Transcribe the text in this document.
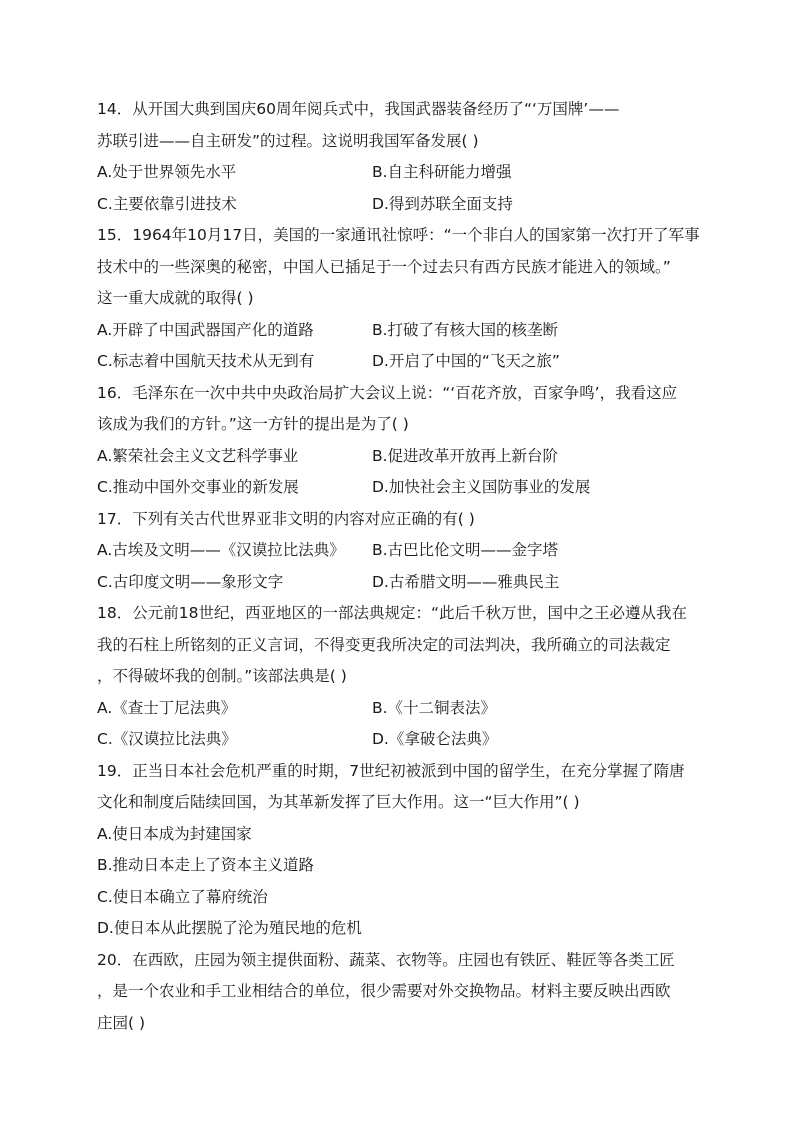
14．从开国大典到国庆60周年阅兵式中，我国武器装备经历了“‘万国牌’——
苏联引进——自主研发”的过程。这说明我国军备发展( )
A.处于世界领先水平	B.自主科研能力增强
C.主要依靠引进技术	D.得到苏联全面支持
15．1964年10月17日，美国的一家通讯社惊呼：“一个非白人的国家第一次打开了军事
技术中的一些深奥的秘密，中国人已插足于一个过去只有西方民族才能进入的领域。”
这一重大成就的取得( )
A.开辟了中国武器国产化的道路	B.打破了有核大国的核垄断
C.标志着中国航天技术从无到有	D.开启了中国的“飞天之旅”
16．毛泽东在一次中共中央政治局扩大会议上说：“‘百花齐放，百家争鸣’，我看这应
该成为我们的方针。”这一方针的提出是为了( )
A.繁荣社会主义文艺科学事业	B.促进改革开放再上新台阶
C.推动中国外交事业的新发展	D.加快社会主义国防事业的发展
17．下列有关古代世界亚非文明的内容对应正确的有( )
A.古埃及文明——《汉谟拉比法典》 B.古巴比伦文明——金字塔
C.古印度文明——象形文字	D.古希腊文明——雅典民主
18．公元前18世纪，西亚地区的一部法典规定：“此后千秋万世，国中之王必遵从我在
我的石柱上所铭刻的正义言词，不得变更我所决定的司法判决，我所确立的司法裁定
，不得破坏我的创制。”该部法典是( )
A.《查士丁尼法典》	B.《十二铜表法》
C.《汉谟拉比法典》	D.《拿破仑法典》
19．正当日本社会危机严重的时期，7世纪初被派到中国的留学生，在充分掌握了隋唐
文化和制度后陆续回国，为其革新发挥了巨大作用。这一“巨大作用”( )
A.使日本成为封建国家
B.推动日本走上了资本主义道路
C.使日本确立了幕府统治
D.使日本从此摆脱了沦为殖民地的危机
20．在西欧，庄园为领主提供面粉、蔬菜、衣物等。庄园也有铁匠、鞋匠等各类工匠
，是一个农业和手工业相结合的单位，很少需要对外交换物品。材料主要反映出西欧
庄园( )
